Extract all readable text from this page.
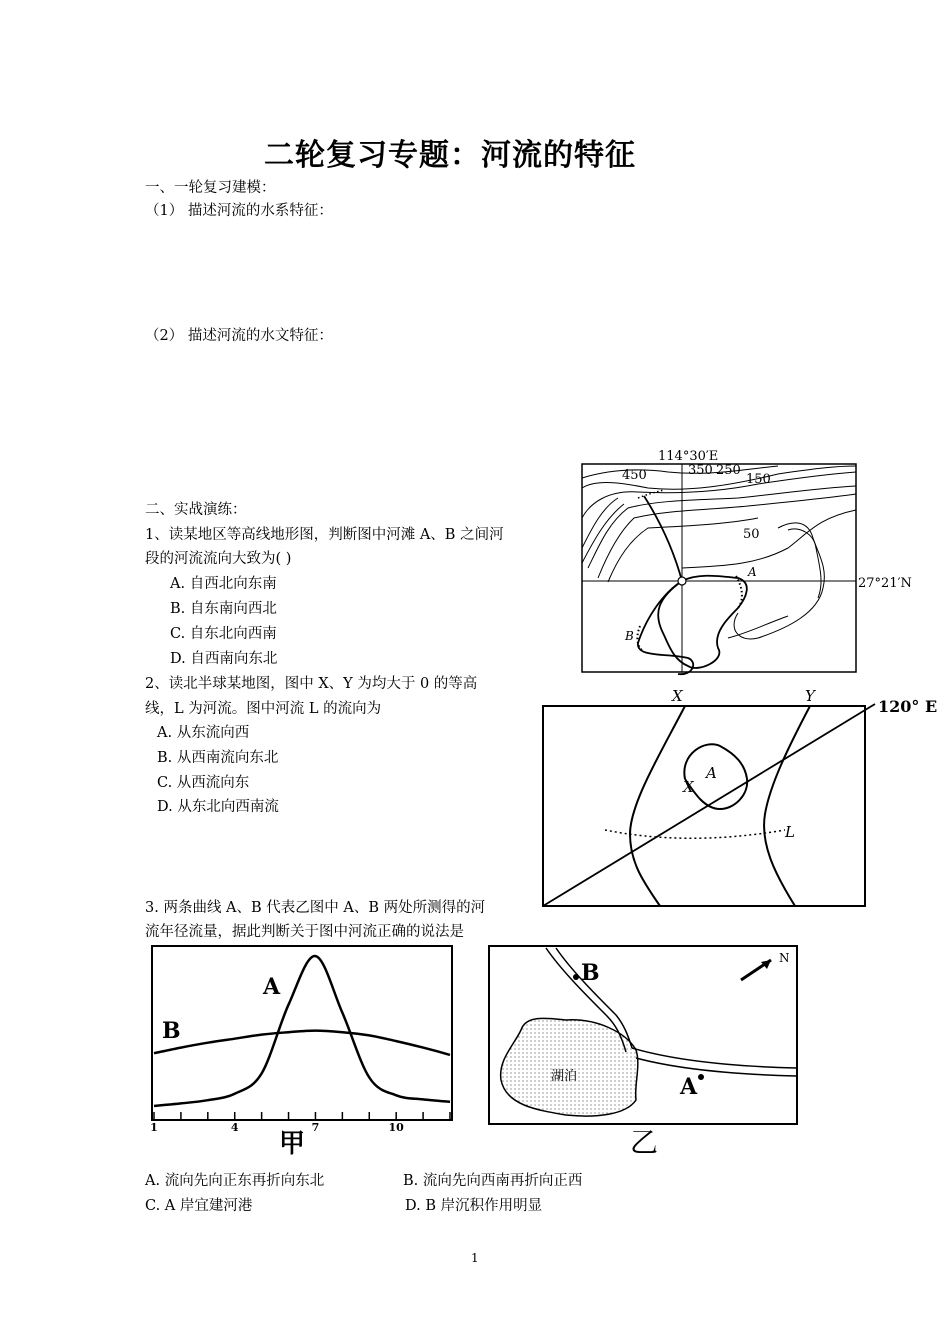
二轮复习专题：河流的特征
一、一轮复习建模：
（1） 描述河流的水系特征：
（2） 描述河流的水文特征：
二、实战演练：
1、读某地区等高线地形图，判断图中河滩 A、B 之间河
段的河流流向大致为( )
A. 自西北向东南
B. 自东南向西北
C. 自东北向西南
D. 自西南向东北
2、读北半球某地图，图中 X、Y 为均大于 0 的等高
线，L 为河流。图中河流 L 的流向为
A. 从东流向西
B. 从西南流向东北
C. 从西流向东
D. 从东北向西南流
3. 两条曲线 A、B 代表乙图中 A、B 两处所测得的河
流年径流量，据此判断关于图中河流正确的说法是
A. 流向先向正东再折向东北	B. 流向先向西南再折向正西
C. A 岸宜建河港	D. B 岸沉积作用明显
114°30′E
27°21′N
450	350 250
150
50
A
B
X	Y
120° E
X
A
L
A
B
1	4	7	10
甲
N
B
A
湖泊
乙
1
